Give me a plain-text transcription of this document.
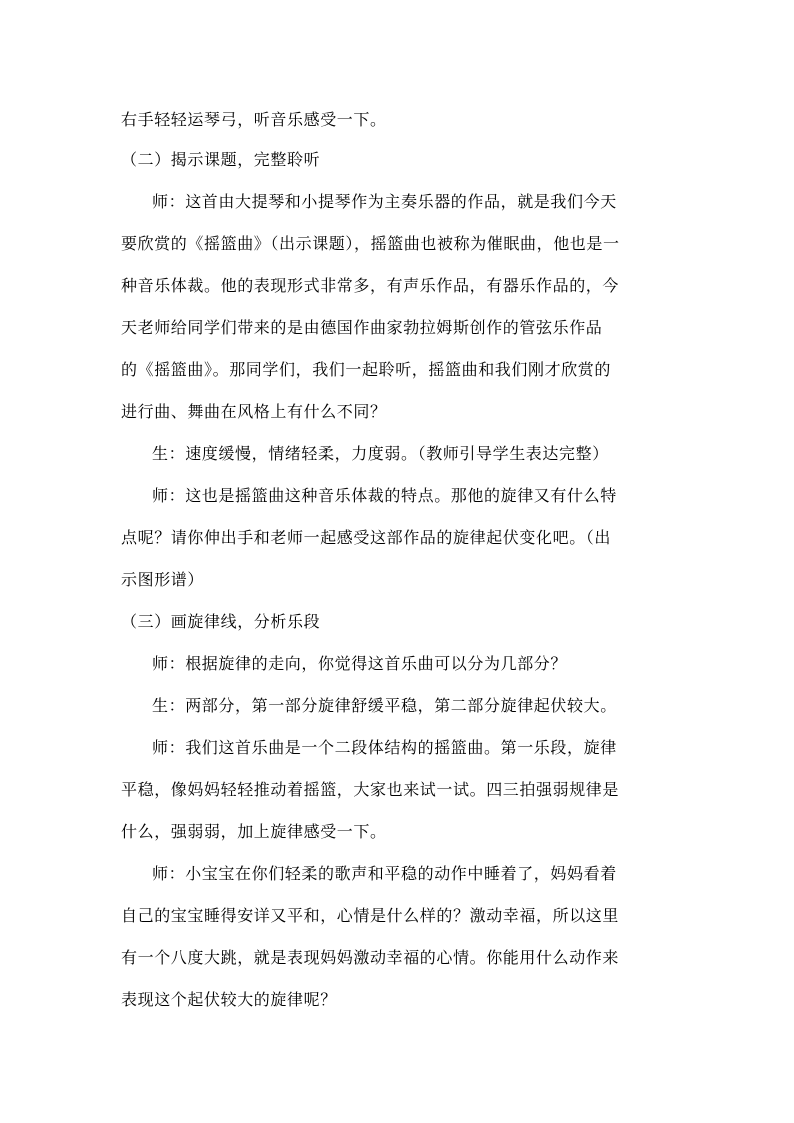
右手轻轻运琴弓，听音乐感受一下。
（二）揭示课题，完整聆听
师：这首由大提琴和小提琴作为主奏乐器的作品，就是我们今天
要欣赏的《摇篮曲》（出示课题），摇篮曲也被称为催眠曲，他也是一
种音乐体裁。他的表现形式非常多，有声乐作品，有器乐作品的，今
天老师给同学们带来的是由德国作曲家勃拉姆斯创作的管弦乐作品
的《摇篮曲》。那同学们，我们一起聆听，摇篮曲和我们刚才欣赏的
进行曲、舞曲在风格上有什么不同？
生：速度缓慢，情绪轻柔，力度弱。（教师引导学生表达完整）
师：这也是摇篮曲这种音乐体裁的特点。那他的旋律又有什么特
点呢？请你伸出手和老师一起感受这部作品的旋律起伏变化吧。（出
示图形谱）
（三）画旋律线，分析乐段
师：根据旋律的走向，你觉得这首乐曲可以分为几部分？
生：两部分，第一部分旋律舒缓平稳，第二部分旋律起伏较大。
师：我们这首乐曲是一个二段体结构的摇篮曲。第一乐段，旋律
平稳，像妈妈轻轻推动着摇篮，大家也来试一试。四三拍强弱规律是
什么，强弱弱，加上旋律感受一下。
师：小宝宝在你们轻柔的歌声和平稳的动作中睡着了，妈妈看着
自己的宝宝睡得安详又平和，心情是什么样的？激动幸福，所以这里
有一个八度大跳，就是表现妈妈激动幸福的心情。你能用什么动作来
表现这个起伏较大的旋律呢？
